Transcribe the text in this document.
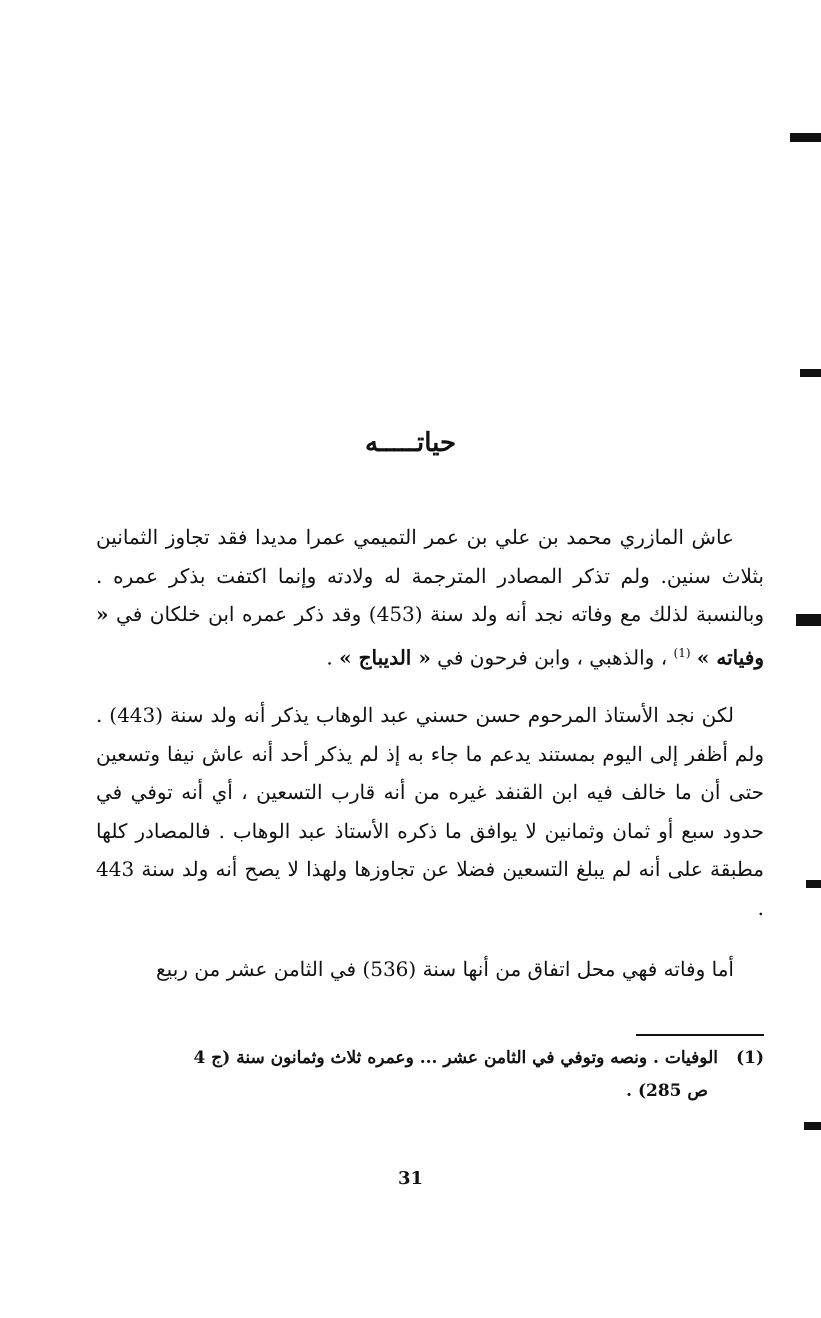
حياتـــــه

عاش المازري محمد بن علي بن عمر التميمي عمرا مديدا فقد تجاوز الثمانين بثلاث سنين. ولم تذكر المصادر المترجمة له ولادته وإنما اكتفت بذكر عمره . وبالنسبة لذلك مع وفاته نجد أنه ولد سنة (453) وقد ذكر عمره ابن خلكان في « وفياته » $^{(1)}$ ، والذهبي ، وابن فرحون في « الديباج » .

لكن نجد الأستاذ المرحوم حسن حسني عبد الوهاب يذكر أنه ولد سنة (443) . ولم أظفر إلى اليوم بمستند يدعم ما جاء به إذ لم يذكر أحد أنه عاش نيفا وتسعين حتى أن ما خالف فيه ابن القنفد غيره من أنه قارب التسعين ، أي أنه توفي في حدود سبع أو ثمان وثمانين لا يوافق ما ذكره الأستاذ عبد الوهاب . فالمصادر كلها مطبقة على أنه لم يبلغ التسعين فضلا عن تجاوزها ولهذا لا يصح أنه ولد سنة 443 .

أما وفاته فهي محل اتفاق من أنها سنة (536) في الثامن عشر من ربيع

(1)الوفيات . ونصه وتوفي في الثامن عشر ... وعمره ثلاث وثمانون سنة (ج 4
ص 285) .
31
